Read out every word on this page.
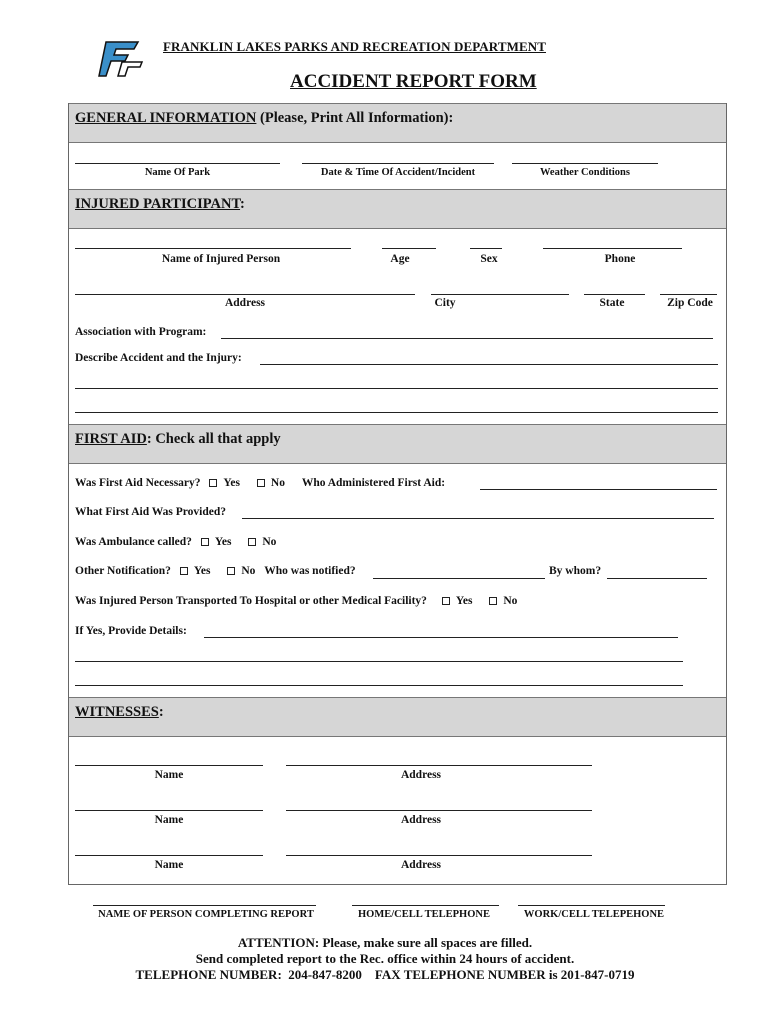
FRANKLIN LAKES PARKS AND RECREATION DEPARTMENT
ACCIDENT REPORT FORM
GENERAL INFORMATION (Please, Print All Information):
Name Of Park	Date & Time Of Accident/Incident	Weather Conditions
INJURED PARTICIPANT:
Name of Injured Person	Age	Sex	Phone
Address	City	State	Zip Code
Association with Program:
Describe Accident and the Injury:
FIRST AID: Check all that apply
Was First Aid Necessary? Yes	No Who Administered First Aid:
What First Aid Was Provided?
Was Ambulance called? Yes	No
Other Notification? Yes	No Who was notified?	By whom?
Was Injured Person Transported To Hospital or other Medical Facility?	Yes	No
If Yes, Provide Details:
WITNESSES:
Name	Address
Name	Address
Name	Address
NAME OF PERSON COMPLETING REPORT	HOME/CELL TELEPHONE	WORK/CELL TELEPEHONE
ATTENTION: Please, make sure all spaces are filled.
Send completed report to the Rec. office within 24 hours of accident.
TELEPHONE NUMBER:  204-847-8200    FAX TELEPHONE NUMBER is 201-847-0719
